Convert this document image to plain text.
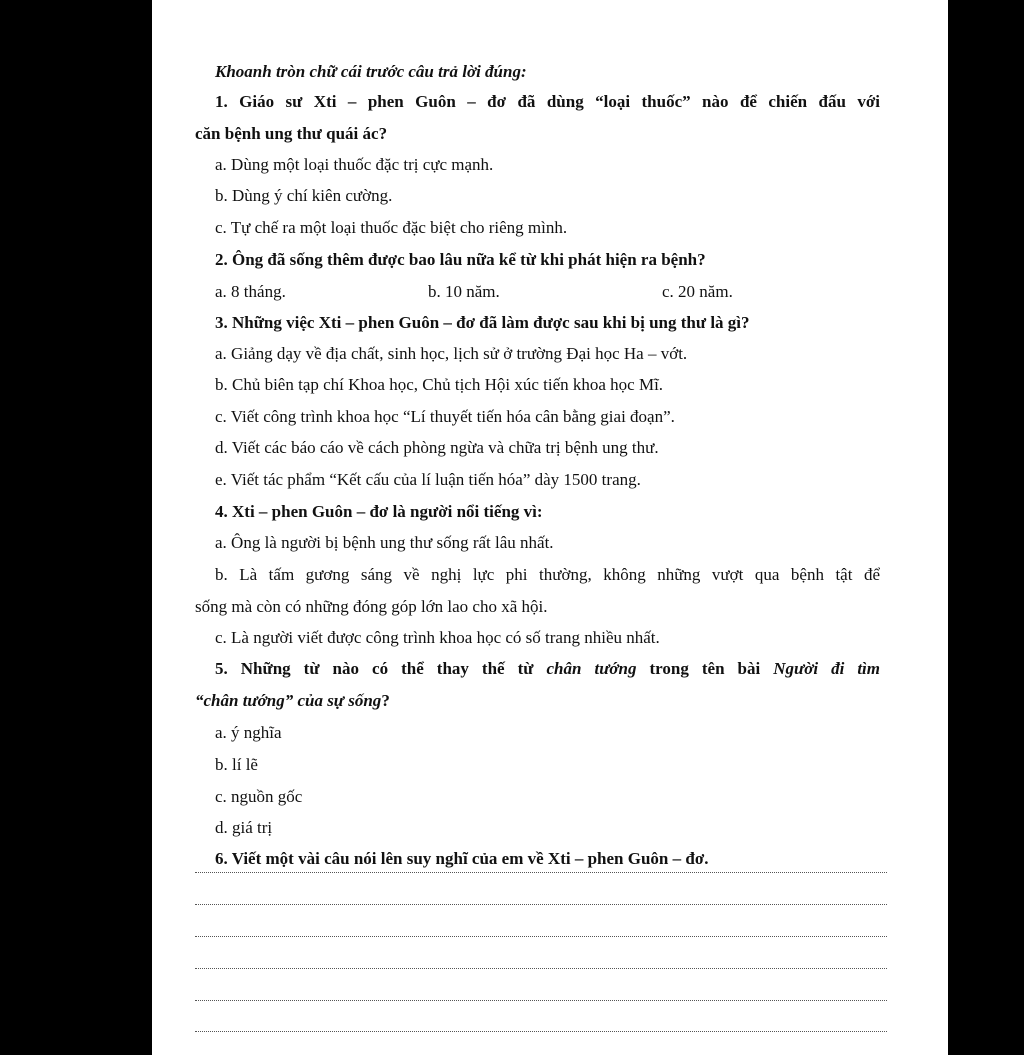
Khoanh tròn chữ cái trước câu trả lời đúng:
1. Giáo sư Xti – phen Guôn – đơ đã dùng “loại thuốc” nào để chiến đấu với
căn bệnh ung thư quái ác?
a. Dùng một loại thuốc đặc trị cực mạnh.
b. Dùng ý chí kiên cường.
c. Tự chế ra một loại thuốc đặc biệt cho riêng mình.
2. Ông đã sống thêm được bao lâu nữa kể từ khi phát hiện ra bệnh?
a. 8 tháng.	b. 10 năm.	c. 20 năm.
3. Những việc Xti – phen Guôn – đơ đã làm được sau khi bị ung thư là gì?
a. Giảng dạy về địa chất, sinh học, lịch sử ở trường Đại học Ha – vớt.
b. Chủ biên tạp chí Khoa học, Chủ tịch Hội xúc tiến khoa học Mĩ.
c. Viết công trình khoa học “Lí thuyết tiến hóa cân bằng giai đoạn”.
d. Viết các báo cáo về cách phòng ngừa và chữa trị bệnh ung thư.
e. Viết tác phẩm “Kết cấu của lí luận tiến hóa” dày 1500 trang.
4. Xti – phen Guôn – đơ là người nổi tiếng vì:
a. Ông là người bị bệnh ung thư sống rất lâu nhất.
b. Là tấm gương sáng về nghị lực phi thường, không những vượt qua bệnh tật để
sống mà còn có những đóng góp lớn lao cho xã hội.
c. Là người viết được công trình khoa học có số trang nhiều nhất.
5. Những từ nào có thể thay thế từ chân tướng trong tên bài Người đi tìm
“chân tướng” của sự sống?
a. ý nghĩa
b. lí lẽ
c. nguồn gốc
d. giá trị
6. Viết một vài câu nói lên suy nghĩ của em về Xti – phen Guôn – đơ.
